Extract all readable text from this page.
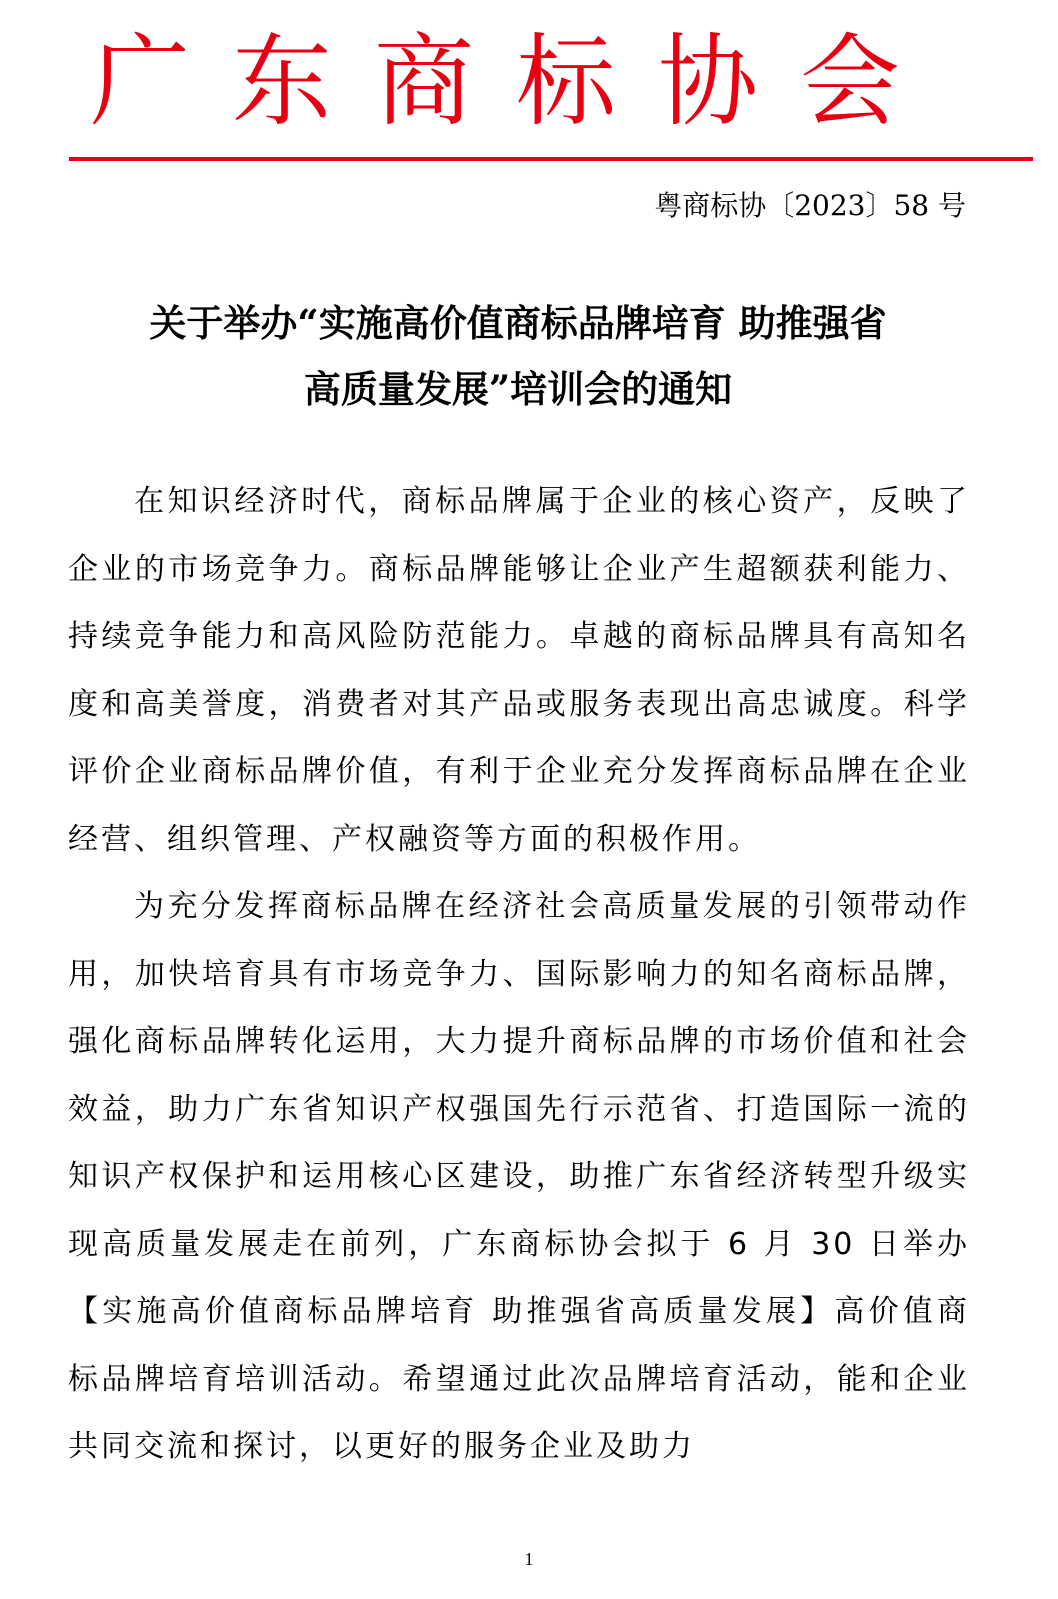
广东商标协会
粤商标协〔2023〕58 号
关于举办“实施高价值商标品牌培育 助推强省
高质量发展”培训会的通知

在知识经济时代，商标品牌属于企业的核心资产，反映了企业的市场竞争力。商标品牌能够让企业产生超额获利能力、持续竞争能力和高风险防范能力。卓越的商标品牌具有高知名度和高美誉度，消费者对其产品或服务表现出高忠诚度。科学评价企业商标品牌价值，有利于企业充分发挥商标品牌在企业经营、组织管理、产权融资等方面的积极作用。

为充分发挥商标品牌在经济社会高质量发展的引领带动作用，加快培育具有市场竞争力、国际影响力的知名商标品牌，强化商标品牌转化运用，大力提升商标品牌的市场价值和社会效益，助力广东省知识产权强国先行示范省、打造国际一流的知识产权保护和运用核心区建设，助推广东省经济转型升级实现高质量发展走在前列，广东商标协会拟于 6 月 30 日举办【实施高价值商标品牌培育 助推强省高质量发展】高价值商标品牌培育培训活动。希望通过此次品牌培育活动，能和企业共同交流和探讨，以更好的服务企业及助力

1
